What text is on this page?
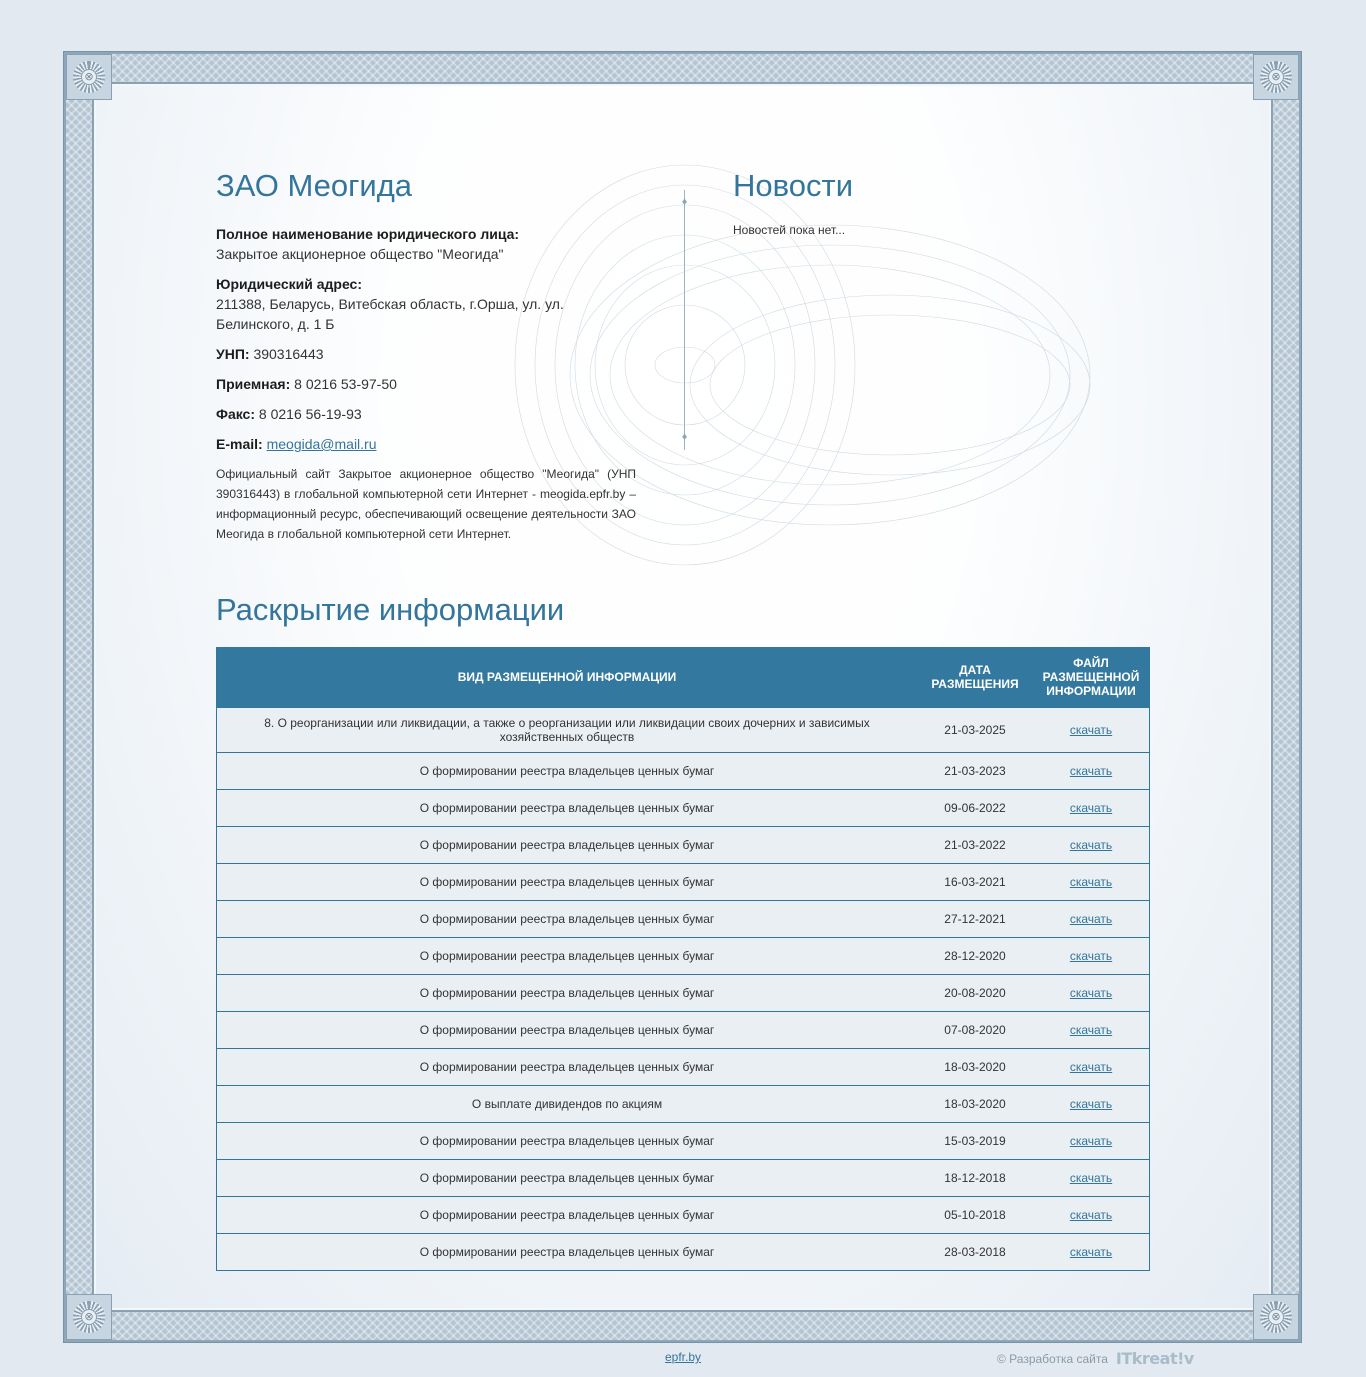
⊗	⊗
⊗	⊗
♦
♦
ЗАО Меогида
Полное наименование юридического лица:
Закрытое акционерное общество "Меогида"
Юридический адрес:
211388, Беларусь, Витебская область, г.Орша, ул. ул. Белинского, д. 1 Б
УНП: 390316443
Приемная: 8 0216 53-97-50
Факс: 8 0216 56-19-93
E-mail: meogida@mail.ru

Официальный сайт Закрытое акционерное общество "Меогида" (УНП 390316443) в глобальной компьютерной сети Интернет - meogida.epfr.by – информационный ресурс, обеспечивающий освещение деятельности ЗАО Меогида в глобальной компьютерной сети Интернет.

Новости

Новостей пока нет...

Раскрытие информации
ВИД РАЗМЕЩЕННОЙ ИНФОРМАЦИИ	ДАТА РАЗМЕЩЕНИЯ	ФАЙЛ РАЗМЕЩЕННОЙ ИНФОРМАЦИИ
8. О реорганизации или ликвидации, а также о реорганизации или ликвидации своих дочерних и зависимых хозяйственных обществ	21-03-2025	скачать
О формировании реестра владельцев ценных бумаг	21-03-2023	скачать
О формировании реестра владельцев ценных бумаг	09-06-2022	скачать
О формировании реестра владельцев ценных бумаг	21-03-2022	скачать
О формировании реестра владельцев ценных бумаг	16-03-2021	скачать
О формировании реестра владельцев ценных бумаг	27-12-2021	скачать
О формировании реестра владельцев ценных бумаг	28-12-2020	скачать
О формировании реестра владельцев ценных бумаг	20-08-2020	скачать
О формировании реестра владельцев ценных бумаг	07-08-2020	скачать
О формировании реестра владельцев ценных бумаг	18-03-2020	скачать
О выплате дивидендов по акциям	18-03-2020	скачать
О формировании реестра владельцев ценных бумаг	15-03-2019	скачать
О формировании реестра владельцев ценных бумаг	18-12-2018	скачать
О формировании реестра владельцев ценных бумаг	05-10-2018	скачать
О формировании реестра владельцев ценных бумаг	28-03-2018	скачать
epfr.by	© Разработка сайта ITkreat!v
